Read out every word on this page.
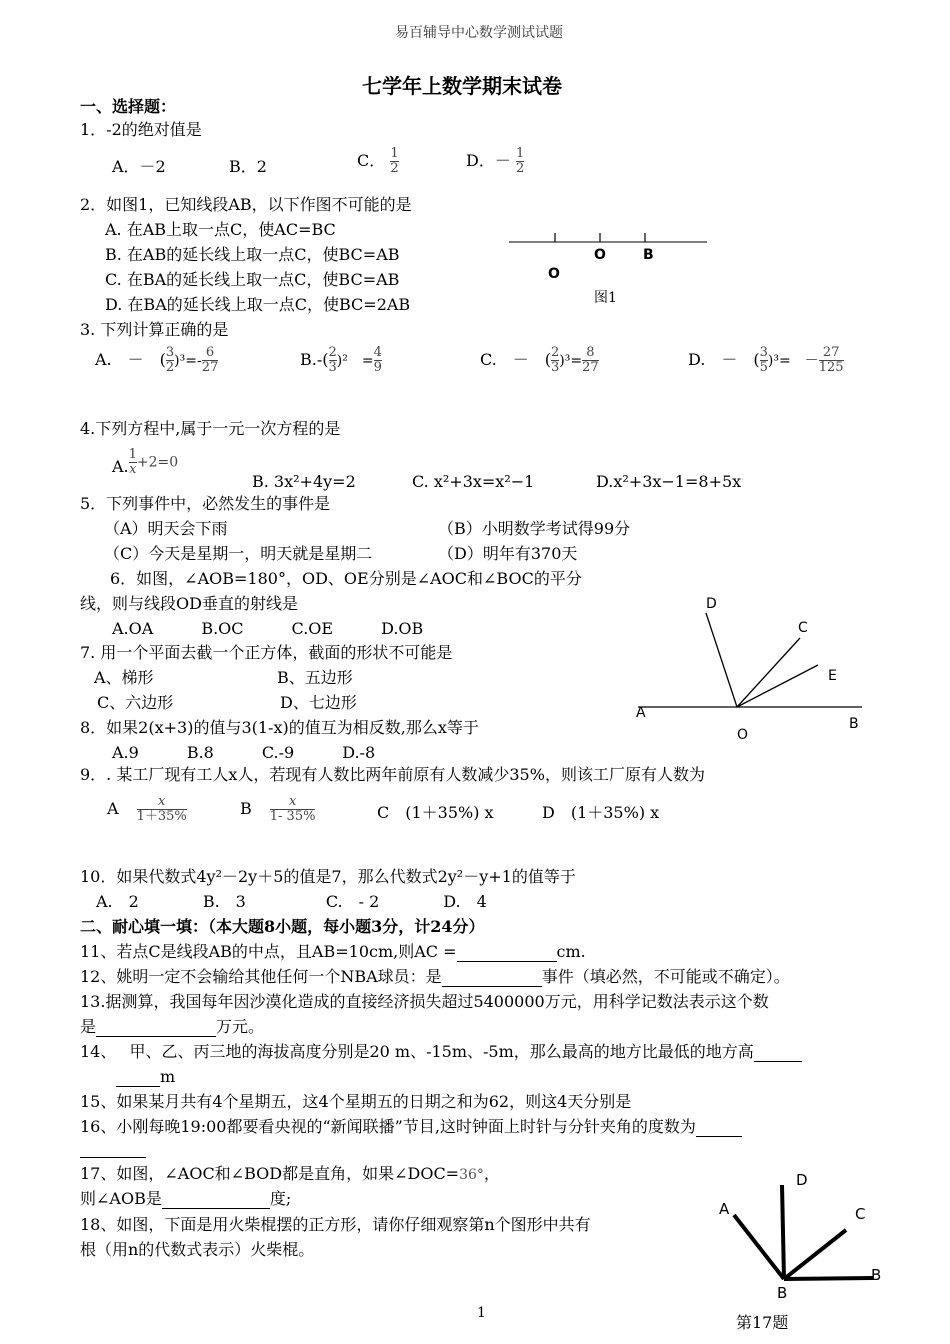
易百辅导中心数学测试试题
七学年上数学期末试卷
一、选择题：
1．-2的绝对值是
A．－2	B．2	C． $\frac{1}{2}$	D．－ $\frac{1}{2}$
2．如图1，已知线段AB，以下作图不可能的是
A. 在AB上取一点C，使AC=BC
B. 在AB的延长线上取一点C，使BC=AB
C. 在BA的延长线上取一点C，使BC=AB
D. 在BA的延长线上取一点C，使BC=2AB
O	B
O
图1
3. 下列计算正确的是
A.　－　( $\frac{3}{2} )^3=- \frac{6}{27}$	$B.-( \frac{2}{3} )^2$　= $\frac{4}{9}$	C.　－　( $\frac{2}{3} )^3= \frac{8}{27}$	D.　－　( $\frac{3}{5} )^3=$　－ $\frac{27}{125}$
4.下列方程中,属于一元一次方程的是
A. $\frac{1}{x} +2=0$
B. 3x²+4y=2	C. x²+3x=x²−1	D.x²+3x−1=8+5x
5．下列事件中，必然发生的事件是
（A）明天会下雨	（B）小明数学考试得99分
（C）今天是星期一，明天就是星期二	（D）明年有370天
6．如图，∠AOB=180°，OD、OE分别是∠AOC和∠BOC的平分
线，则与线段OD垂直的射线是
A.OA　　　B.OC　　　C.OE　　　D.OB
D
C
E
A
B
O
7. 用一个平面去截一个正方体，截面的形状不可能是
A、梯形	B、五边形
C、六边形	D、七边形
8．如果2(x+3)的值与3(1-x)的值互为相反数,那么x等于
A.9　　　B.8　　　C.-9　　　D.-8
9．. 某工厂现有工人x人，若现有人数比两年前原有人数减少35%，则该工厂原有人数为
A $\frac{x}{1+35\%}$	B $\frac{x}{1- 35\%}$	C　(1＋35%) x	D　(1＋35%) x
10．如果代数式4y²－2y＋5的值是7，那么代数式2y²－y+1的值等于
A.　2　　　　B.　3　　　　　C.　- 2　　　　D.　4
二、耐心填一填：（本大题8小题，每小题3分，计24分）
11、若点C是线段AB的中点，且AB=10cm,则AC =	cm.
12、姚明一定不会输给其他任何一个NBA球员：是	事件（填必然，不可能或不确定）。
13.据测算，我国每年因沙漠化造成的直接经济损失超过5400000万元，用科学记数法表示这个数
是	万元。
14、　 甲、乙、丙三地的海拔高度分别是20 m、-15m、-5m，那么最高的地方比最低的地方高
m
15、如果某月共有4个星期五，这4个星期五的日期之和为62，则这4天分别是
16、小刚每晚19:00都要看央视的“新闻联播”节目,这时钟面上时针与分针夹角的度数为
17、如图，∠AOC和∠BOD都是直角，如果∠DOC=36°，
则∠AOB是	度;
18、如图，下面是用火柴棍摆的正方形，请你仔细观察第n个图形中共有
根（用n的代数式表示）火柴棍。
A
D
C
B
B
第17题
1
